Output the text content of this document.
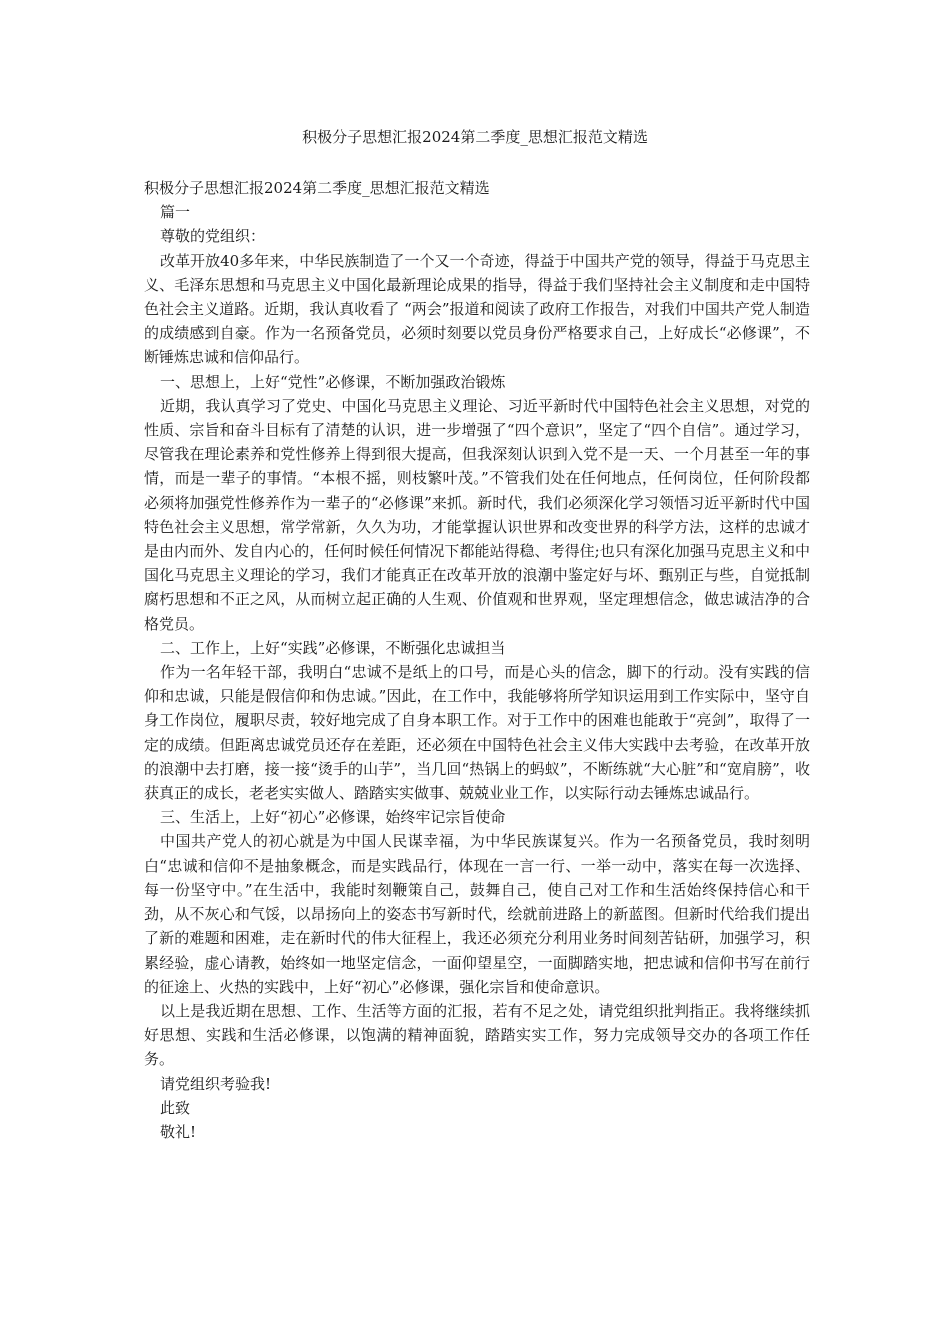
积极分子思想汇报2024第二季度_思想汇报范文精选

积极分子思想汇报2024第二季度_思想汇报范文精选

篇一

尊敬的党组织：

改革开放40多年来，中华民族制造了一个又一个奇迹，得益于中国共产党的领导，得益于马克思主义、毛泽东思想和马克思主义中国化最新理论成果的指导，得益于我们坚持社会主义制度和走中国特色社会主义道路。近期，我认真收看了 “两会”报道和阅读了政府工作报告，对我们中国共产党人制造的成绩感到自豪。作为一名预备党员，必须时刻要以党员身份严格要求自己，上好成长“必修课”，不断锤炼忠诚和信仰品行。

一、思想上，上好“党性”必修课，不断加强政治锻炼

近期，我认真学习了党史、中国化马克思主义理论、习近平新时代中国特色社会主义思想，对党的性质、宗旨和奋斗目标有了清楚的认识，进一步增强了“四个意识”，坚定了“四个自信”。通过学习，尽管我在理论素养和党性修养上得到很大提高，但我深刻认识到入党不是一天、一个月甚至一年的事情，而是一辈子的事情。“本根不摇，则枝繁叶茂。”不管我们处在任何地点，任何岗位，任何阶段都必须将加强党性修养作为一辈子的“必修课”来抓。新时代，我们必须深化学习领悟习近平新时代中国特色社会主义思想，常学常新，久久为功，才能掌握认识世界和改变世界的科学方法，这样的忠诚才是由内而外、发自内心的，任何时候任何情况下都能站得稳、考得住;也只有深化加强马克思主义和中国化马克思主义理论的学习，我们才能真正在改革开放的浪潮中鉴定好与坏、甄别正与些，自觉抵制腐朽思想和不正之风，从而树立起正确的人生观、价值观和世界观，坚定理想信念，做忠诚洁净的合格党员。

二、工作上，上好“实践”必修课，不断强化忠诚担当

作为一名年轻干部，我明白“忠诚不是纸上的口号，而是心头的信念，脚下的行动。没有实践的信仰和忠诚，只能是假信仰和伪忠诚。”因此，在工作中，我能够将所学知识运用到工作实际中，坚守自身工作岗位，履职尽责，较好地完成了自身本职工作。对于工作中的困难也能敢于“亮剑”，取得了一定的成绩。但距离忠诚党员还存在差距，还必须在中国特色社会主义伟大实践中去考验，在改革开放的浪潮中去打磨，接一接“烫手的山芋”，当几回“热锅上的蚂蚁”，不断练就“大心脏”和“宽肩膀”，收获真正的成长，老老实实做人、踏踏实实做事、兢兢业业工作，以实际行动去锤炼忠诚品行。

三、生活上，上好“初心”必修课，始终牢记宗旨使命

中国共产党人的初心就是为中国人民谋幸福，为中华民族谋复兴。作为一名预备党员，我时刻明白“忠诚和信仰不是抽象概念，而是实践品行，体现在一言一行、一举一动中，落实在每一次选择、每一份坚守中。”在生活中，我能时刻鞭策自己，鼓舞自己，使自己对工作和生活始终保持信心和干劲，从不灰心和气馁，以昂扬向上的姿态书写新时代，绘就前进路上的新蓝图。但新时代给我们提出了新的难题和困难，走在新时代的伟大征程上，我还必须充分利用业务时间刻苦钻研，加强学习，积累经验，虚心请教，始终如一地坚定信念，一面仰望星空，一面脚踏实地，把忠诚和信仰书写在前行的征途上、火热的实践中，上好“初心”必修课，强化宗旨和使命意识。

以上是我近期在思想、工作、生活等方面的汇报，若有不足之处，请党组织批判指正。我将继续抓好思想、实践和生活必修课，以饱满的精神面貌，踏踏实实工作，努力完成领导交办的各项工作任务。

请党组织考验我!

此致

敬礼!
